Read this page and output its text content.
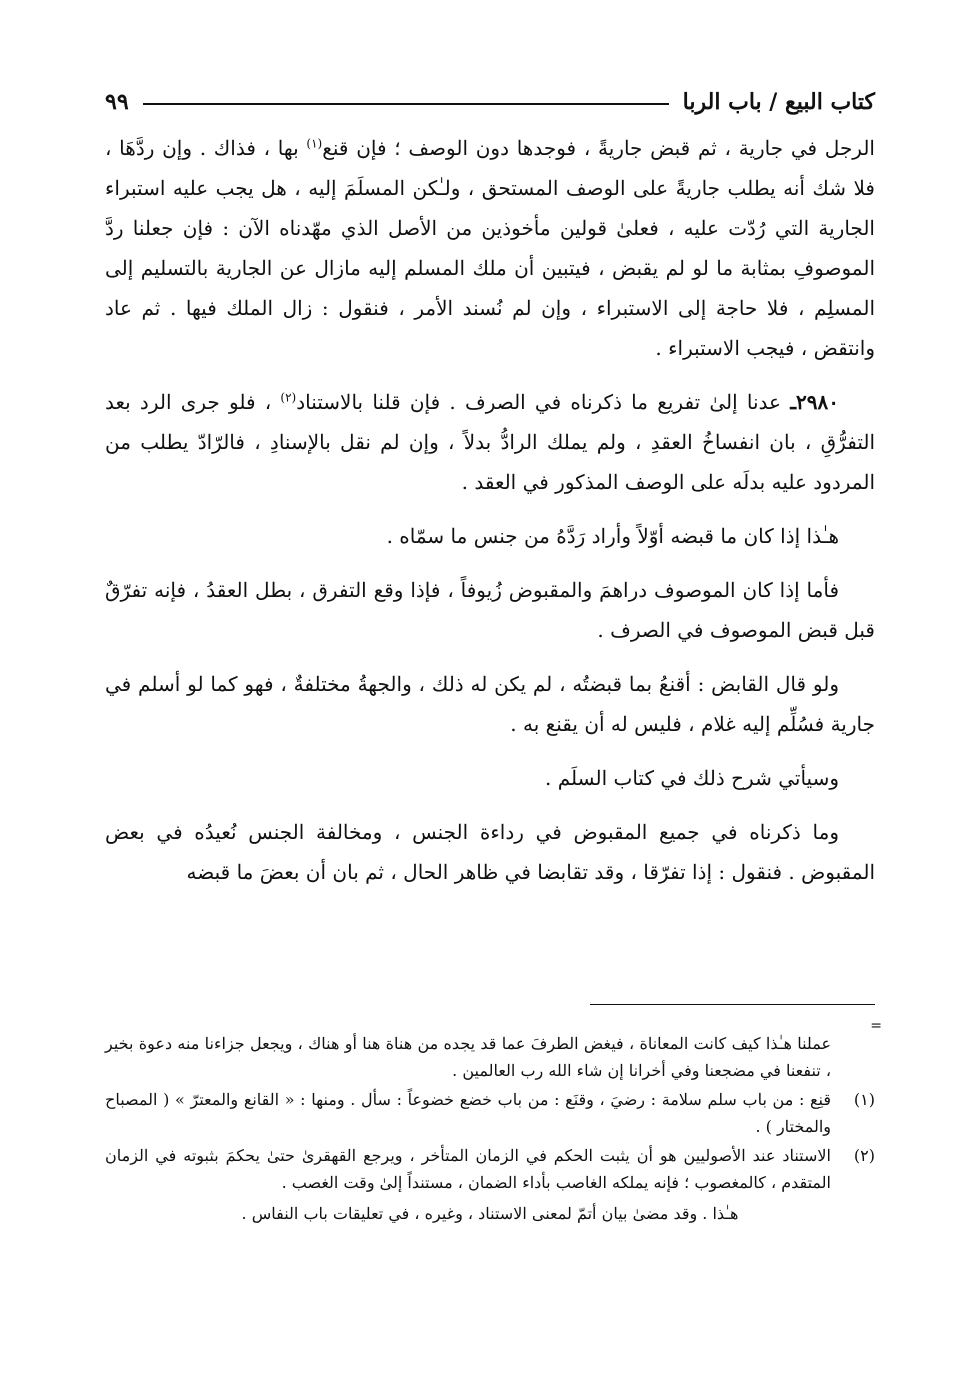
كتاب البيع / باب الربا
٩٩

الرجل في جارية ، ثم قبض جاريةً ، فوجدها دون الوصف ؛ فإن قنع$^{(١)}$ بها ، فذاك . وإن ردَّهَا ، فلا شك أنه يطلب جاريةً على الوصف المستحق ، ولـٰكن المسلَمَ إليه ، هل يجب عليه استبراء الجارية التي رُدّت عليه ، فعلىٰ قولين مأخوذين من الأصل الذي مهّدناه الآن : فإن جعلنا ردَّ الموصوفِ بمثابة ما لو لم يقبض ، فيتبين أن ملك المسلم إليه مازال عن الجارية بالتسليم إلى المسلِم ، فلا حاجة إلى الاستبراء ، وإن لم نُسند الأمر ، فنقول : زال الملك فيها . ثم عاد وانتقض ، فيجب الاستبراء .

٢٩٨٠ـ عدنا إلىٰ تفريع ما ذكرناه في الصرف . فإن قلنا بالاستناد$^{(٢)}$ ، فلو جرى الرد بعد التفرُّقِ ، بان انفساخُ العقدِ ، ولم يملك الرادُّ بدلاً ، وإن لم نقل بالإسنادِ ، فالرّادّ يطلب من المردود عليه بدلَه على الوصف المذكور في العقد .

هـٰذا إذا كان ما قبضه أوّلاً وأراد رَدَّهُ من جنس ما سمّاه .

فأما إذا كان الموصوف دراهمَ والمقبوض زُيوفاً ، فإذا وقع التفرق ، بطل العقدُ ، فإنه تفرّقٌ قبل قبض الموصوف في الصرف .

ولو قال القابض : أقنعُ بما قبضتُه ، لم يكن له ذلك ، والجهةُ مختلفةٌ ، فهو كما لو أسلم في جارية فسُلِّم إليه غلام ، فليس له أن يقنع به .

وسيأتي شرح ذلك في كتاب السلَم .

وما ذكرناه في جميع المقبوض في رداءة الجنس ، ومخالفة الجنس نُعيدُه في بعض المقبوض . فنقول : إذا تفرّقا ، وقد تقابضا في ظاهر الحال ، ثم بان أن بعضَ ما قبضه

=
عملنا هـٰذا كيف كانت المعاناة ، فيغض الطرفَ عما قد يجده من هناة هنا أو هناك ، ويجعل جزاءنا منه دعوة بخير ، تنفعنا في مضجعنا وفي أخرانا إن شاء الله رب العالمين .
(١)
قنِع : من باب سلم سلامة : رضيَ ، وقنَع : من باب خضع خضوعاً : سأل . ومنها : « القانع والمعترّ » ( المصباح والمختار ) .
(٢)
الاستناد عند الأصوليين هو أن يثبت الحكم في الزمان المتأخر ، ويرجع القهقرىٰ حتىٰ يحكمَ بثبوته في الزمان المتقدم ، كالمغصوب ؛ فإنه يملكه الغاصب بأداء الضمان ، مستنداً إلىٰ وقت الغصب .
هـٰذا . وقد مضىٰ بيان أتمّ لمعنى الاستناد ، وغيره ، في تعليقات باب النفاس .
